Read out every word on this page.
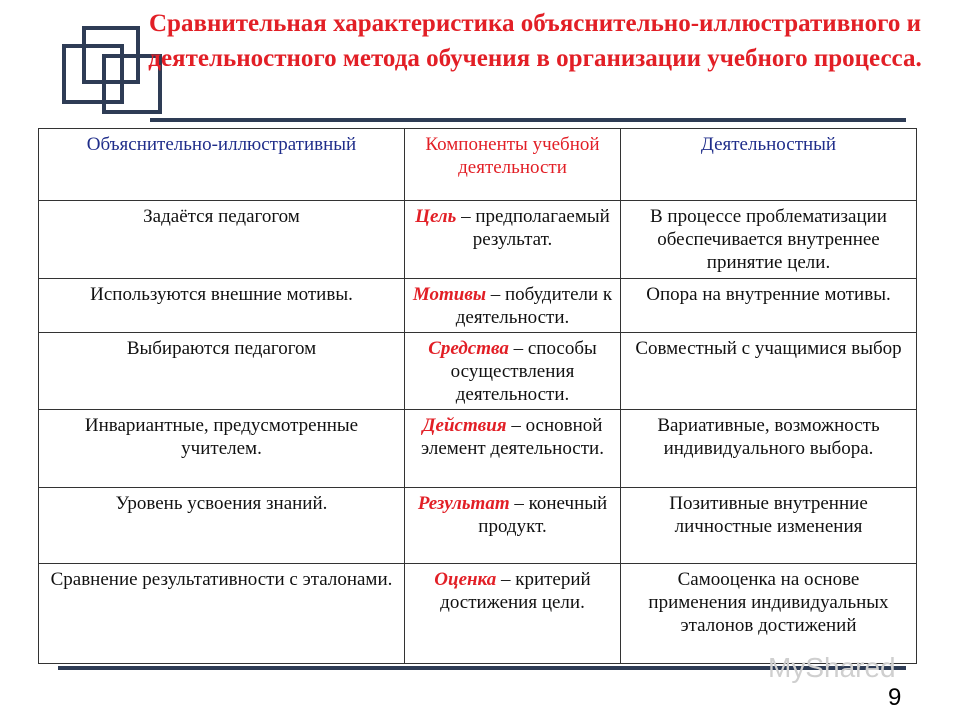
Сравнительная характеристика объяснительно-иллюстративного и деятельностного метода обучения в организации учебного процесса.
Объяснительно-иллюстративный	Компоненты учебной деятельности	Деятельностный
Задаётся педагогом	Цель – предполагаемый результат.	В процессе проблематизации обеспечивается внутреннее принятие цели.
Используются внешние мотивы.	Мотивы – побудители к деятельности.	Опора на внутренние мотивы.
Выбираются педагогом	Средства – способы осуществления деятельности.	Совместный с учащимися выбор
Инвариантные, предусмотренные учителем.	Действия – основной элемент деятельности.	Вариативные, возможность индивидуального выбора.
Уровень усвоения знаний.	Результат – конечный продукт.	Позитивные внутренние личностные изменения
Сравнение результативности с эталонами.	Оценка – критерий достижения цели.	Самооценка на основе применения индивидуальных эталонов достижений
MyShared
9
